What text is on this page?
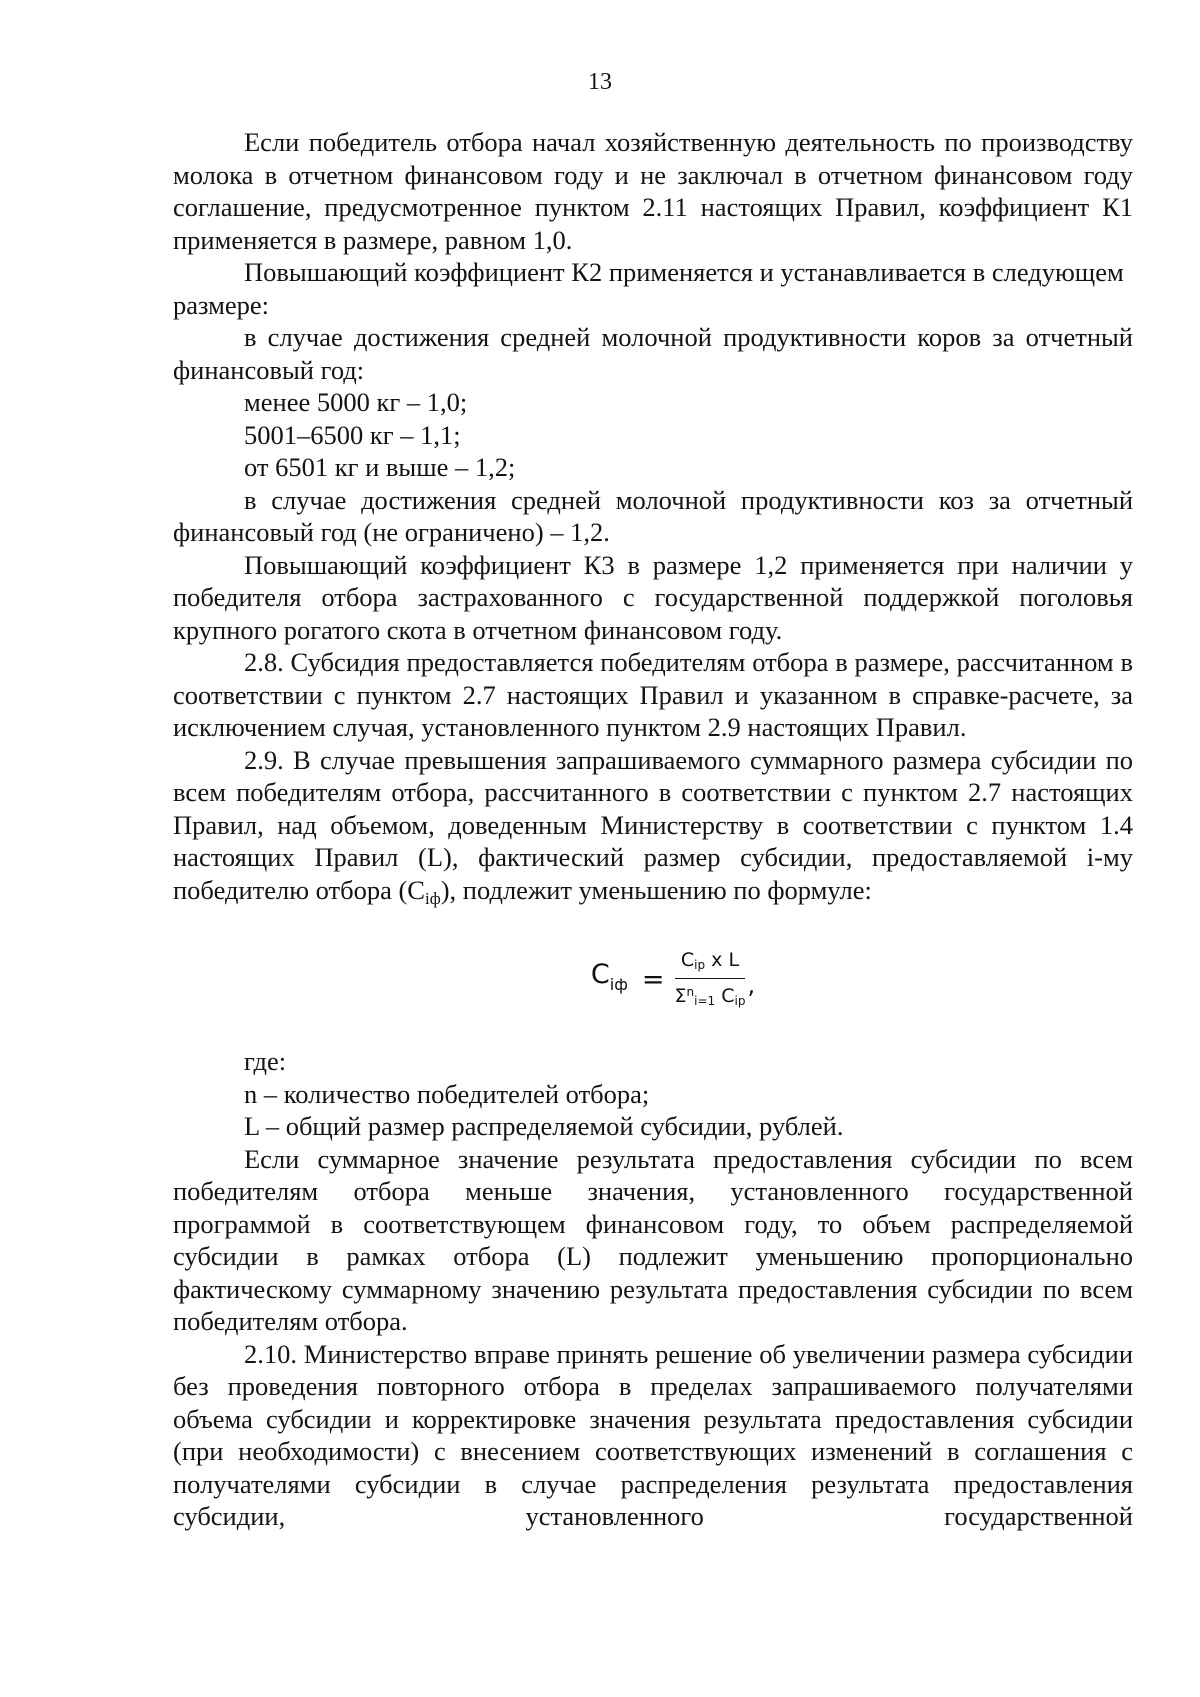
13

Если победитель отбора начал хозяйственную деятельность по производству молока в отчетном финансовом году и не заключал в отчетном финансовом году соглашение, предусмотренное пунктом 2.11 настоящих Правил, коэффициент К1 применяется в размере, равном 1,0.

Повышающий коэффициент К2 применяется и устанавливается в следующем размере:

в случае достижения средней молочной продуктивности коров за отчетный финансовый год:

менее 5000 кг – 1,0;

5001–6500 кг – 1,1;

от 6501 кг и выше – 1,2;

в случае достижения средней молочной продуктивности коз за отчетный финансовый год (не ограничено) – 1,2.

Повышающий коэффициент К3 в размере 1,2 применяется при наличии у победителя отбора застрахованного с государственной поддержкой поголовья крупного рогатого скота в отчетном финансовом году.

2.8. Субсидия предоставляется победителям отбора в размере, рассчитанном в соответствии с пунктом 2.7 настоящих Правил и указанном в справке-расчете, за исключением случая, установленного пунктом 2.9 настоящих Правил.

2.9. В случае превышения запрашиваемого суммарного размера субсидии по всем победителям отбора, рассчитанного в соответствии с пунктом 2.7 настоящих Правил, над объемом, доведенным Министерству в соответствии с пунктом 1.4 настоящих Правил (L), фактический размер субсидии, предоставляемой i-му победителю отбора (Сiф), подлежит уменьшению по формуле:

$C_{iф} = \frac{\text{Cip x L}}{\Sigma^ni=1 Cip}$ ,

где:

n – количество победителей отбора;

L – общий размер распределяемой субсидии, рублей.

Если суммарное значение результата предоставления субсидии по всем победителям отбора меньше значения, установленного государственной программой в соответствующем финансовом году, то объем распределяемой субсидии в рамках отбора (L) подлежит уменьшению пропорционально фактическому суммарному значению результата предоставления субсидии по всем победителям отбора.

2.10. Министерство вправе принять решение об увеличении размера субсидии без проведения повторного отбора в пределах запрашиваемого получателями объема субсидии и корректировке значения результата предоставления субсидии (при необходимости) с внесением соответствующих изменений в соглашения с получателями субсидии в случае распределения результата предоставления субсидии, установленного государственной
